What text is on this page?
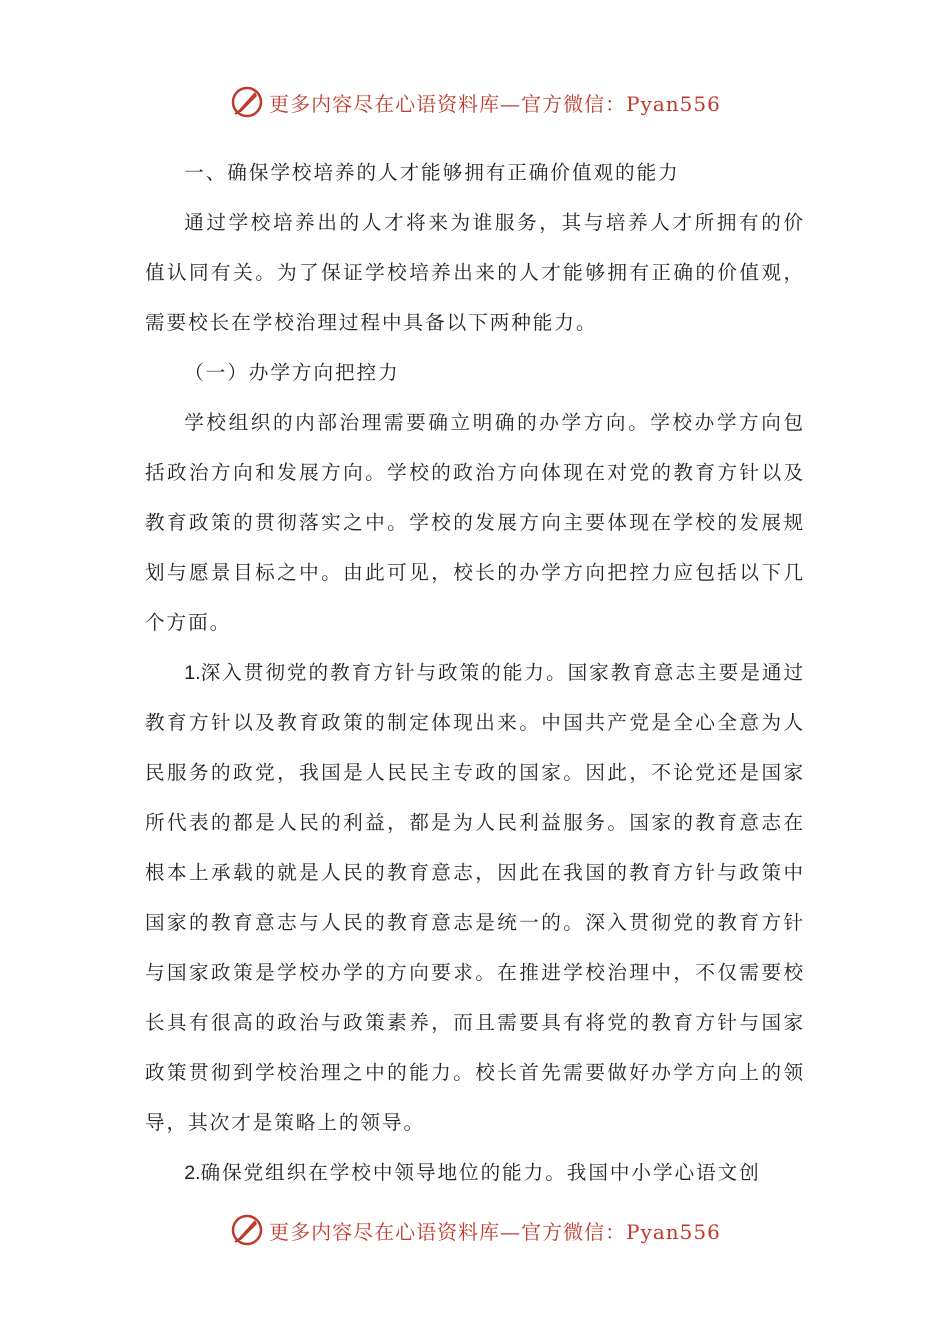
更多内容尽在心语资料库—官方微信：Pyan556

一、确保学校培养的人才能够拥有正确价值观的能力

通过学校培养出的人才将来为谁服务，其与培养人才所拥有的价值认同有关。为了保证学校培养出来的人才能够拥有正确的价值观，需要校长在学校治理过程中具备以下两种能力。

（一）办学方向把控力

学校组织的内部治理需要确立明确的办学方向。学校办学方向包括政治方向和发展方向。学校的政治方向体现在对党的教育方针以及教育政策的贯彻落实之中。学校的发展方向主要体现在学校的发展规划与愿景目标之中。由此可见，校长的办学方向把控力应包括以下几个方面。

1.深入贯彻党的教育方针与政策的能力。国家教育意志主要是通过教育方针以及教育政策的制定体现出来。中国共产党是全心全意为人民服务的政党，我国是人民民主专政的国家。因此，不论党还是国家所代表的都是人民的利益，都是为人民利益服务。国家的教育意志在根本上承载的就是人民的教育意志，因此在我国的教育方针与政策中国家的教育意志与人民的教育意志是统一的。深入贯彻党的教育方针与国家政策是学校办学的方向要求。在推进学校治理中，不仅需要校长具有很高的政治与政策素养，而且需要具有将党的教育方针与国家政策贯彻到学校治理之中的能力。校长首先需要做好办学方向上的领导，其次才是策略上的领导。

2.确保党组织在学校中领导地位的能力。我国中小学心语文创

更多内容尽在心语资料库—官方微信：Pyan556
